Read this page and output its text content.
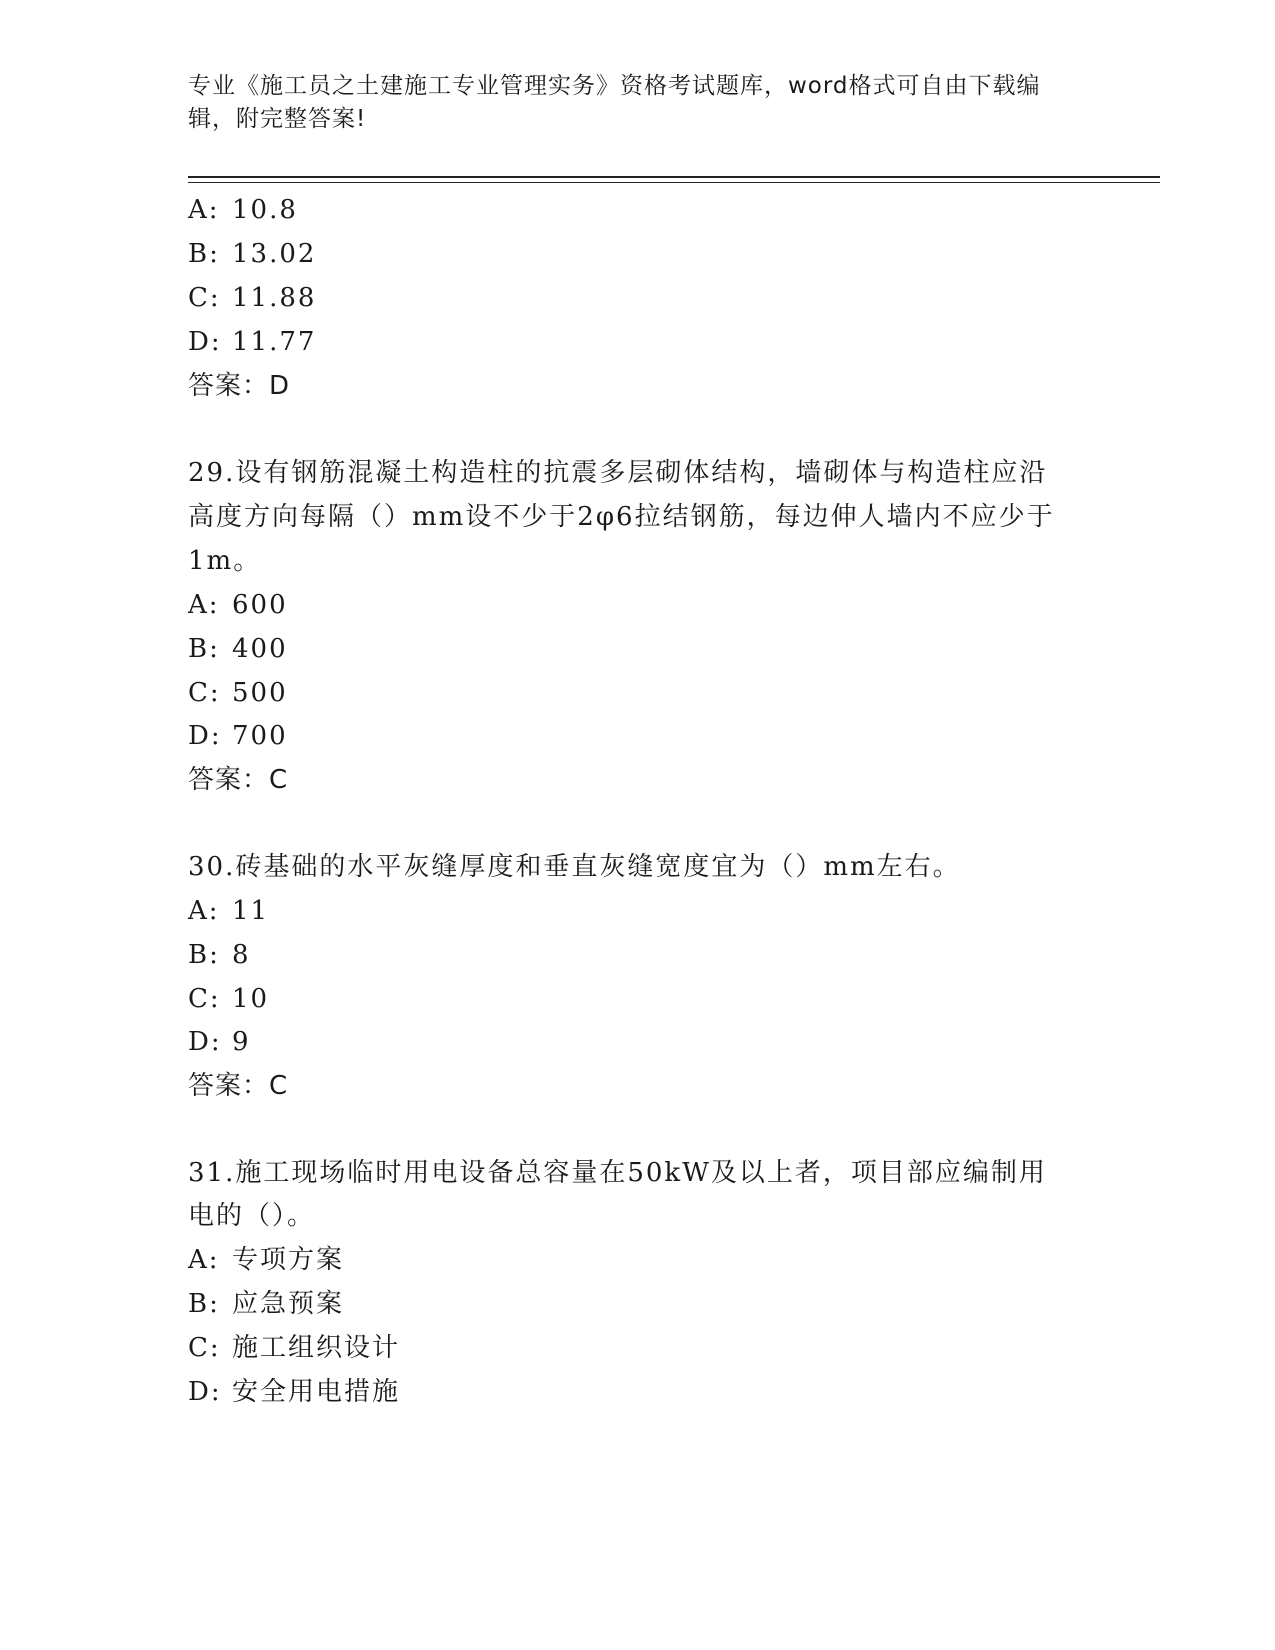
专业《施工员之土建施工专业管理实务》资格考试题库，word格式可自由下载编
辑，附完整答案!
A: 10.8
B: 13.02
C: 11.88
D: 11.77
答案：D
29.设有钢筋混凝土构造柱的抗震多层砌体结构，墙砌体与构造柱应沿
高度方向每隔（）mm设不少于2φ6拉结钢筋，每边伸人墙内不应少于
1m。
A: 600
B: 400
C: 500
D: 700
答案：C
30.砖基础的水平灰缝厚度和垂直灰缝宽度宜为（）mm左右。
A: 11
B: 8
C: 10
D: 9
答案：C
31.施工现场临时用电设备总容量在50kW及以上者，项目部应编制用
电的（）。
A: 专项方案
B: 应急预案
C: 施工组织设计
D: 安全用电措施
